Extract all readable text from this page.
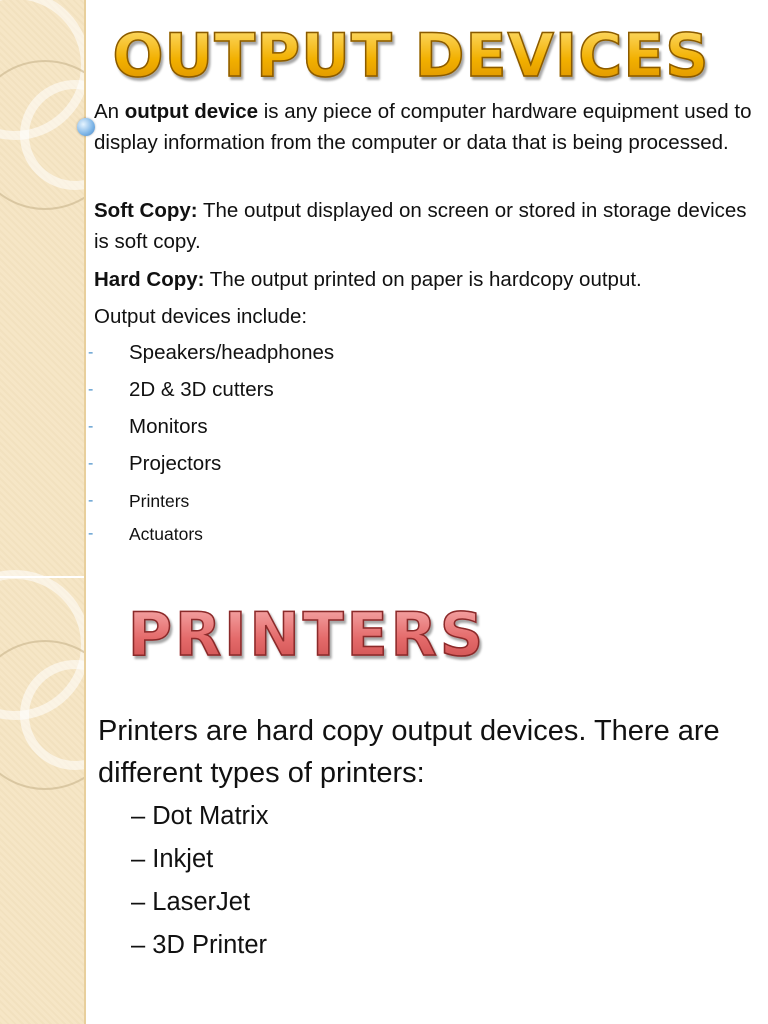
OUTPUT DEVICES
An output device is any piece of computer hardware equipment used to display information from the computer or data that is being processed.
Soft Copy: The output displayed on screen or stored in storage devices is soft copy.
Hard Copy: The output printed on paper is hardcopy output.
Output devices include:
- Speakers/headphones
- 2D & 3D cutters
- Monitors
- Projectors
- Printers
- Actuators
PRINTERS
Printers are hard copy output devices. There are different types of printers:
– Dot Matrix
– Inkjet
– LaserJet
– 3D Printer
